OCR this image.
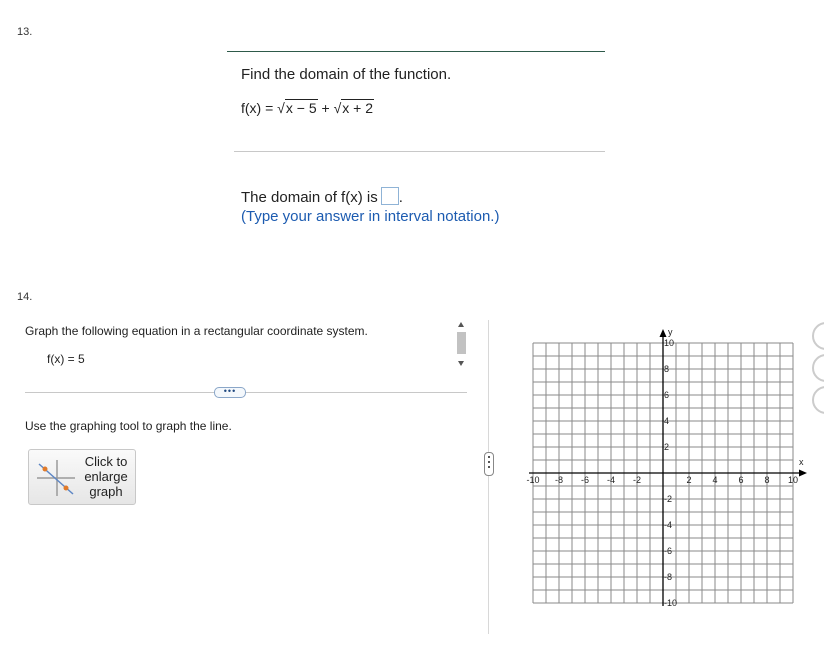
13.
Find the domain of the function.
f(x) = √x − 5 + √x + 2
The domain of f(x) is .
(Type your answer in interval notation.)
14.
Graph the following equation in a rectangular coordinate system.
f(x) = 5
•••
Use the graphing tool to graph the line.
Click to enlarge graph
-10 -8 -6 -4 -2	2 4 6 8 10
10
8
6
4
2
-2
-4
-6
-8
-10
x
y
